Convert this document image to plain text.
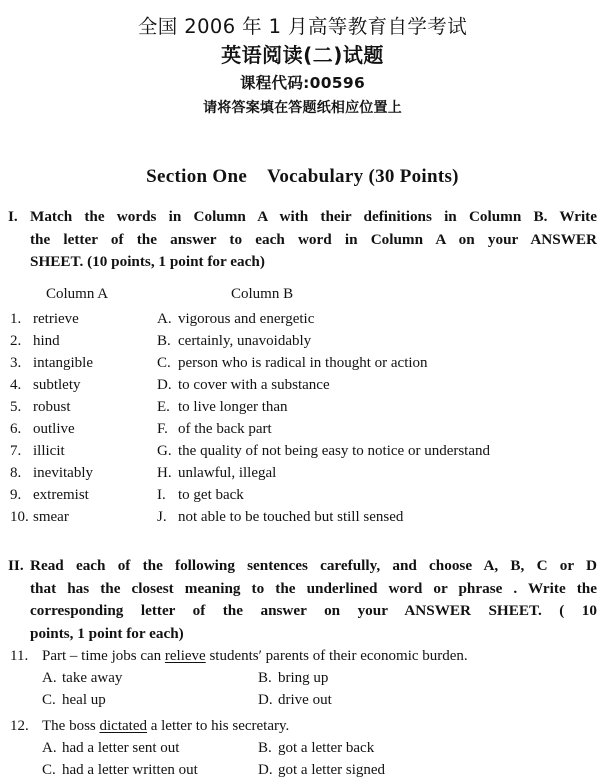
全国 2006 年 1 月高等教育自学考试
英语阅读(二)试题
课程代码:00596
请将答案填在答题纸相应位置上
Section One Vocabulary (30 Points)
I. Match the words in Column A with their definitions in Column B. Write
the letter of the answer to each word in Column A on your ANSWER
SHEET. (10 points, 1 point for each)
Column A	Column B
1. retrieve	A. vigorous and energetic
2. hind	B. certainly, unavoidably
3. intangible	C. person who is radical in thought or action
4. subtlety	D. to cover with a substance
5. robust	E. to live longer than
6. outlive	F. of the back part
7. illicit	G. the quality of not being easy to notice or understand
8. inevitably	H. unlawful, illegal
9. extremist	I. to get back
10. smear	J. not able to be touched but still sensed
II. Read each of the following sentences carefully, and choose A, B, C or D
that has the closest meaning to the underlined word or phrase . Write the
corresponding letter of the answer on your ANSWER SHEET. ( 10
points, 1 point for each)
11. Part – time jobs can relieve students′ parents of their economic burden.
A. take away	B. bring up
C. heal up	D. drive out
12. The boss dictated a letter to his secretary.
A. had a letter sent out	B. got a letter back
C. had a letter written out	D. got a letter signed
